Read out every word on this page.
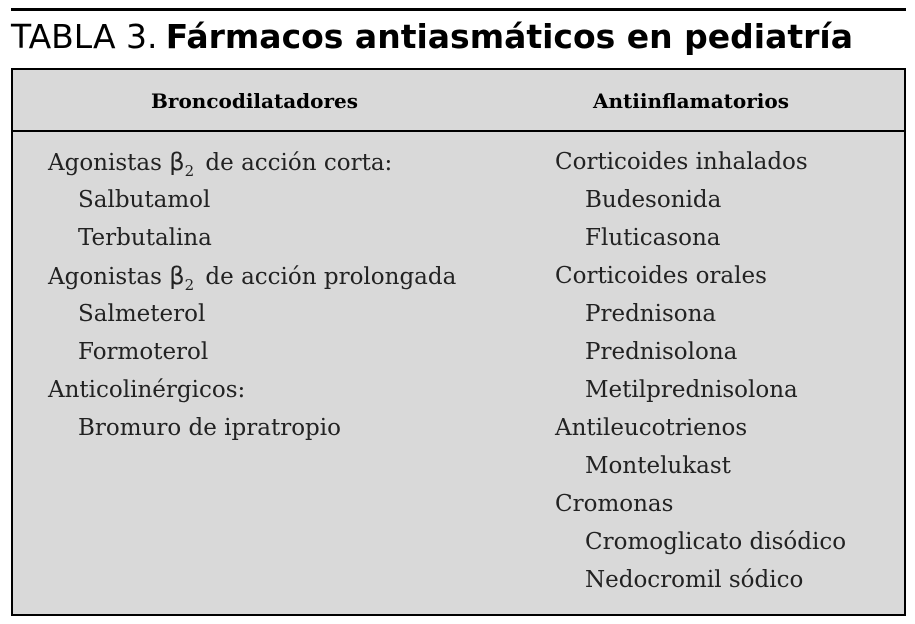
TABLA 3. Fármacos antiasmáticos en pediatría
Broncodilatadores	Antiinflamatorios
Agonistas $\beta_2$ de acción corta:
Salbutamol
Terbutalina
Agonistas $\beta_2$ de acción prolongada
Salmeterol
Formoterol
Anticolinérgicos:
Bromuro de ipratropio
Corticoides inhalados
Budesonida
Fluticasona
Corticoides orales
Prednisona
Prednisolona
Metilprednisolona
Antileucotrienos
Montelukast
Cromonas
Cromoglicato disódico
Nedocromil sódico
